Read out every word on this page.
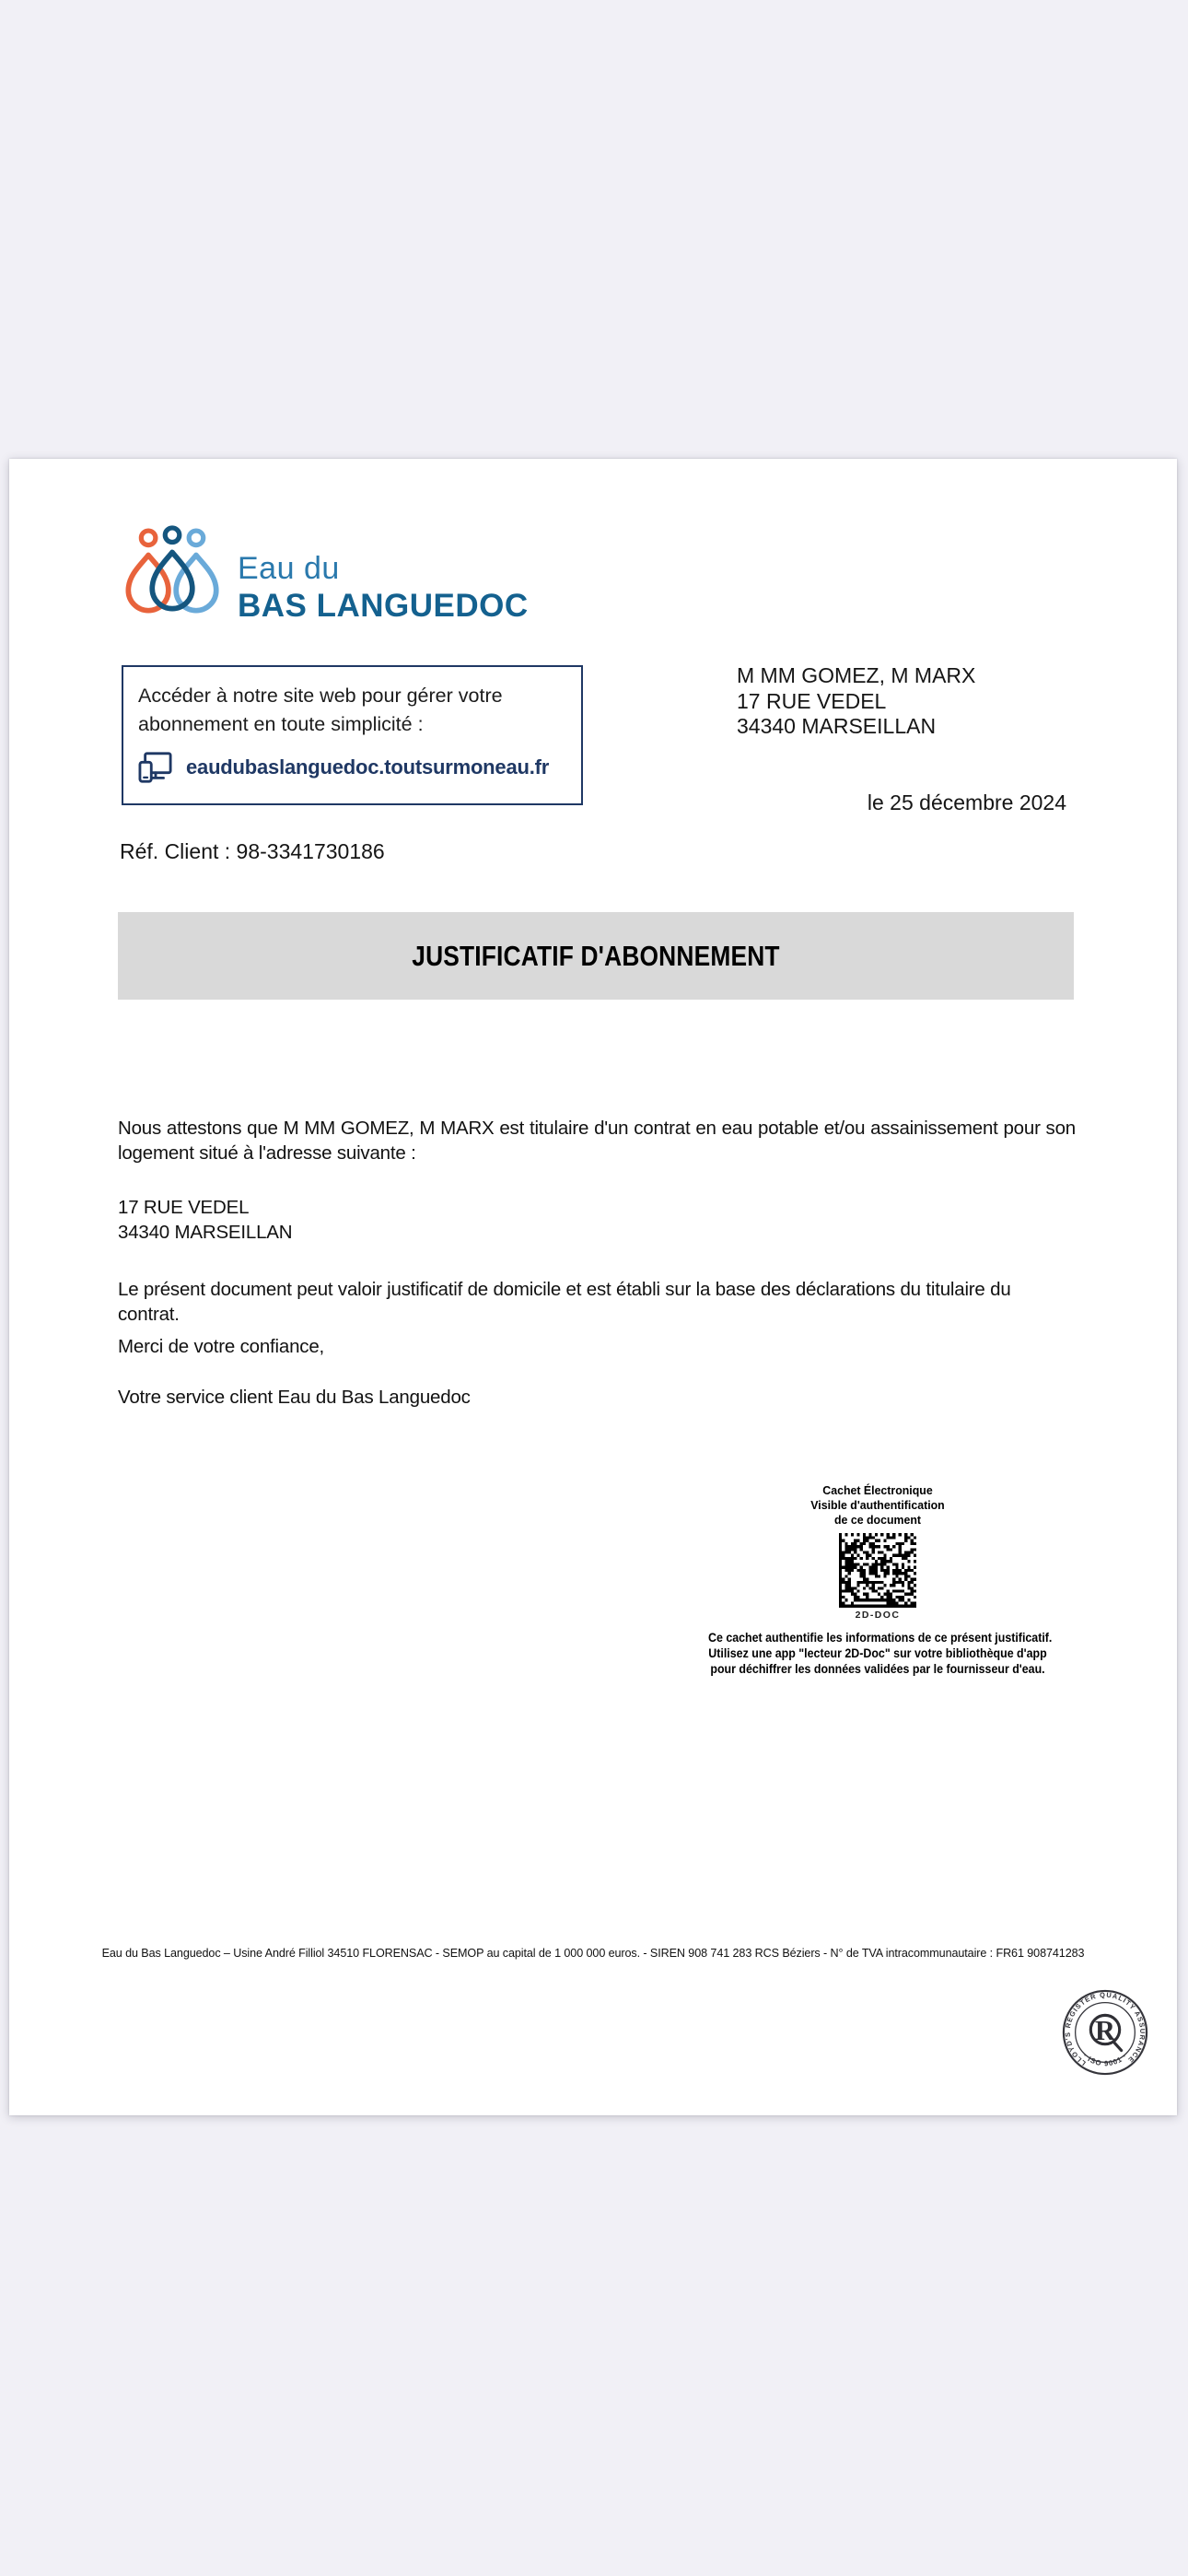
Eau du
BAS LANGUEDOC
M MM GOMEZ, M MARX
17 RUE VEDEL
34340 MARSEILLAN
le 25 décembre 2024
Accéder à notre site web pour gérer votre
abonnement en toute simplicité :
eaudubaslanguedoc.toutsurmoneau.fr
Réf. Client : 98-3341730186
JUSTIFICATIF D'ABONNEMENT
Nous attestons que M MM GOMEZ, M MARX est titulaire d'un contrat en eau potable et/ou assainissement pour son logement situé à l'adresse suivante :
17 RUE VEDEL
34340 MARSEILLAN
Le présent document peut valoir justificatif de domicile et est établi sur la base des déclarations du titulaire du contrat.
Merci de votre confiance,
Votre service client Eau du Bas Languedoc
Cachet Électronique
Visible d'authentification
de ce document
2D-DOC
Ce cachet authentifie les informations de ce présent justificatif.
Utilisez une app "lecteur 2D-Doc" sur votre bibliothèque d'app
pour déchiffrer les données validées par le fournisseur d'eau.
Eau du Bas Languedoc – Usine André Filliol 34510 FLORENSAC - SEMOP au capital de 1 000 000 euros. - SIREN 908 741 283 RCS Béziers - N° de TVA intracommunautaire : FR61 908741283
LLOYD'S REGISTER QUALITY ASSURANCE
· ISO 9001 ·
R
